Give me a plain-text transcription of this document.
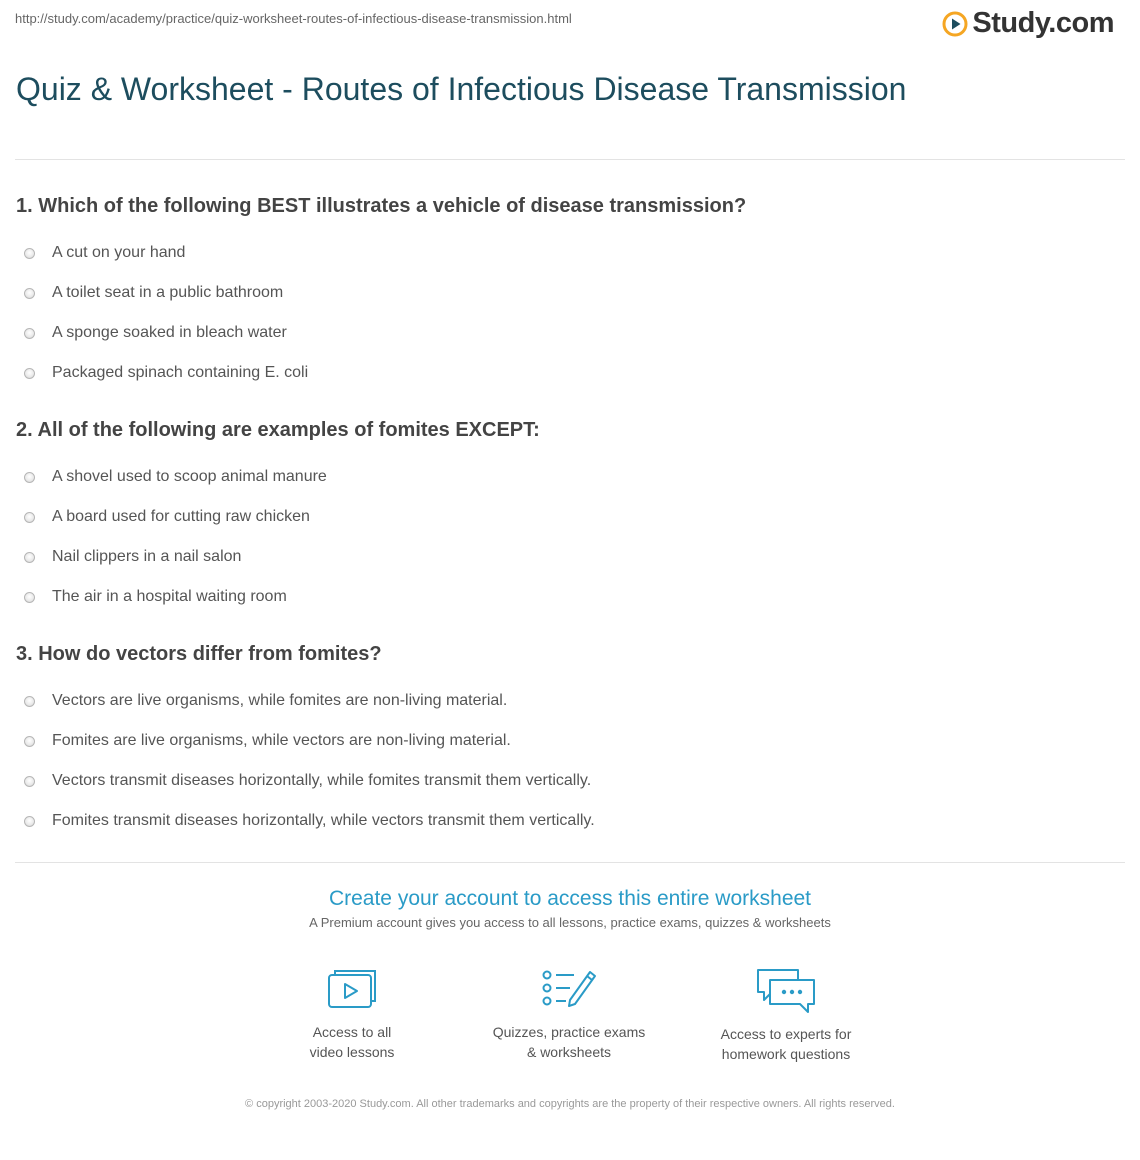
http://study.com/academy/practice/quiz-worksheet-routes-of-infectious-disease-transmission.html	Study.com
Quiz & Worksheet - Routes of Infectious Disease Transmission
1. Which of the following BEST illustrates a vehicle of disease transmission?
A cut on your hand
A toilet seat in a public bathroom
A sponge soaked in bleach water
Packaged spinach containing E. coli
2. All of the following are examples of fomites EXCEPT:
A shovel used to scoop animal manure
A board used for cutting raw chicken
Nail clippers in a nail salon
The air in a hospital waiting room
3. How do vectors differ from fomites?
Vectors are live organisms, while fomites are non-living material.
Fomites are live organisms, while vectors are non-living material.
Vectors transmit diseases horizontally, while fomites transmit them vertically.
Fomites transmit diseases horizontally, while vectors transmit them vertically.
Create your account to access this entire worksheet
A Premium account gives you access to all lessons, practice exams, quizzes & worksheets
Access to all
video lessons
Quizzes, practice exams
& worksheets
Access to experts for
homework questions
© copyright 2003-2020 Study.com. All other trademarks and copyrights are the property of their respective owners. All rights reserved.
